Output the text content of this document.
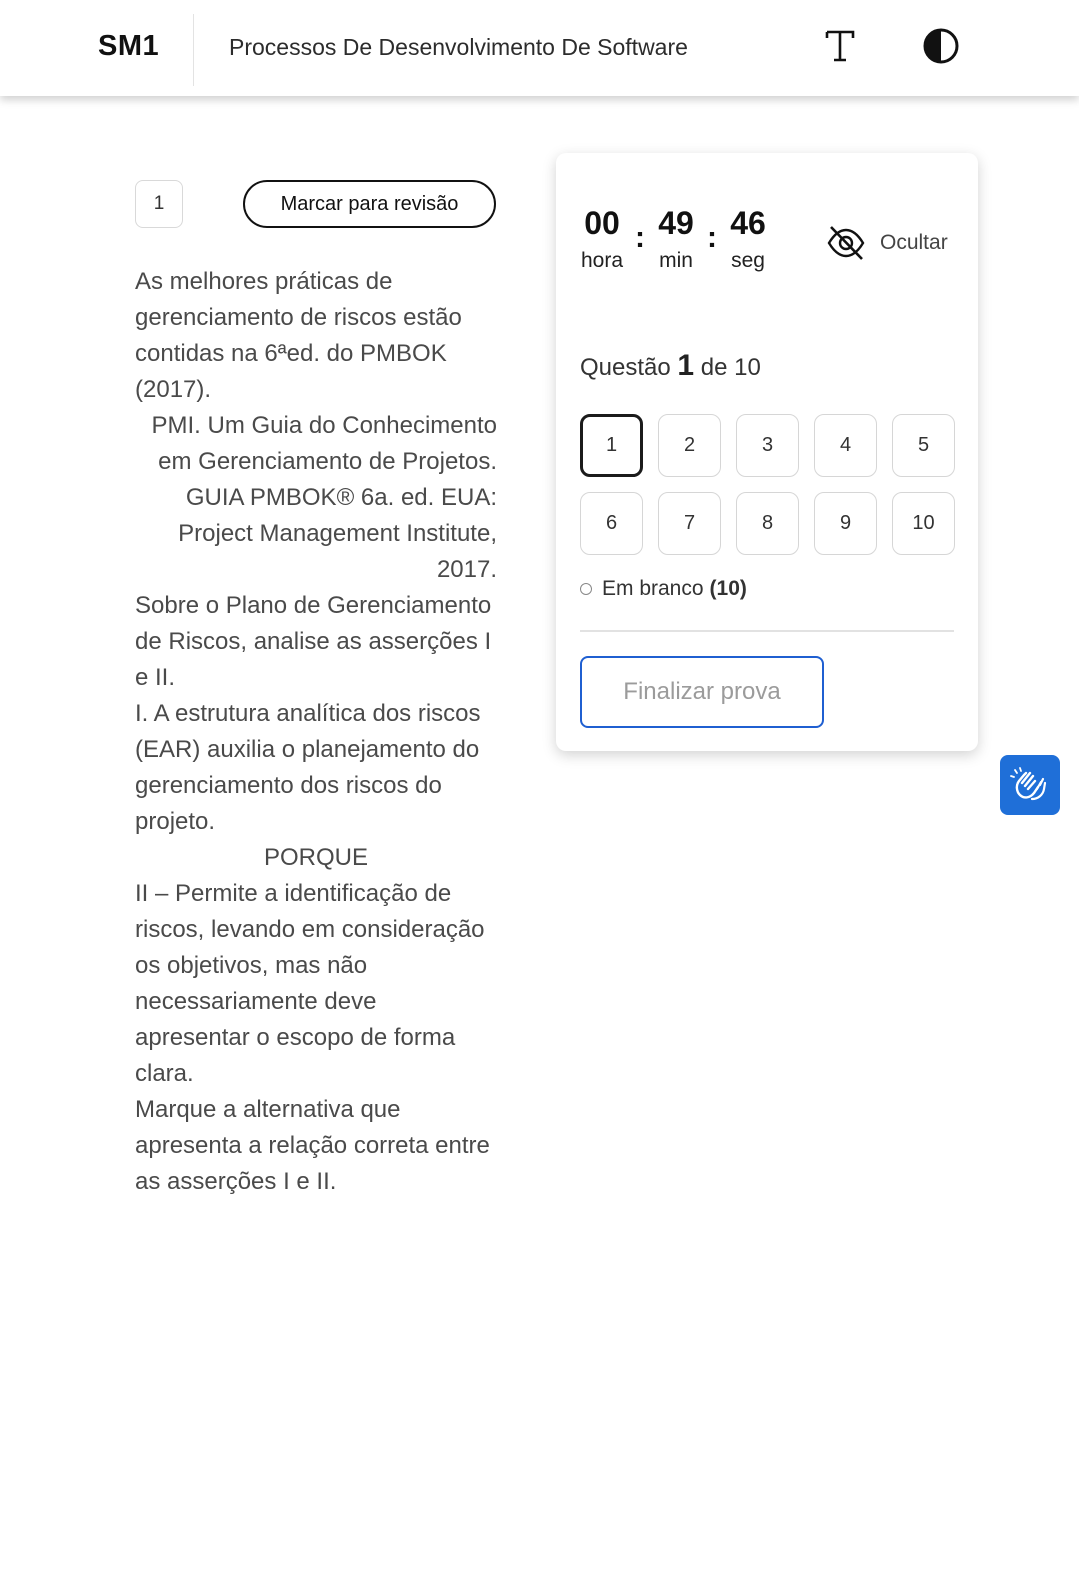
SM1	Processos De Desenvolvimento De Software
1	Marcar para revisão

As melhores práticas de gerenciamento de riscos estão contidas na 6ªed. do PMBOK (2017).

PMI. Um Guia do Conhecimento em Gerenciamento de Projetos. GUIA PMBOK® 6a. ed. EUA: Project Management Institute, 2017.

Sobre o Plano de Gerenciamento de Riscos, analise as asserções I e II.

I. A estrutura analítica dos riscos (EAR) auxilia o planejamento do gerenciamento dos riscos do projeto.

PORQUE

II – Permite a identificação de riscos, levando em consideração os objetivos, mas não necessariamente deve apresentar o escopo de forma clara.

Marque a alternativa que apresenta a relação correta entre as asserções I e II.

00
hora
: 49
min
: 46
seg
Ocultar
Questão 1 de 10
1	2	3	4	5
6	7	8	9	10
Em branco (10)
Finalizar prova
